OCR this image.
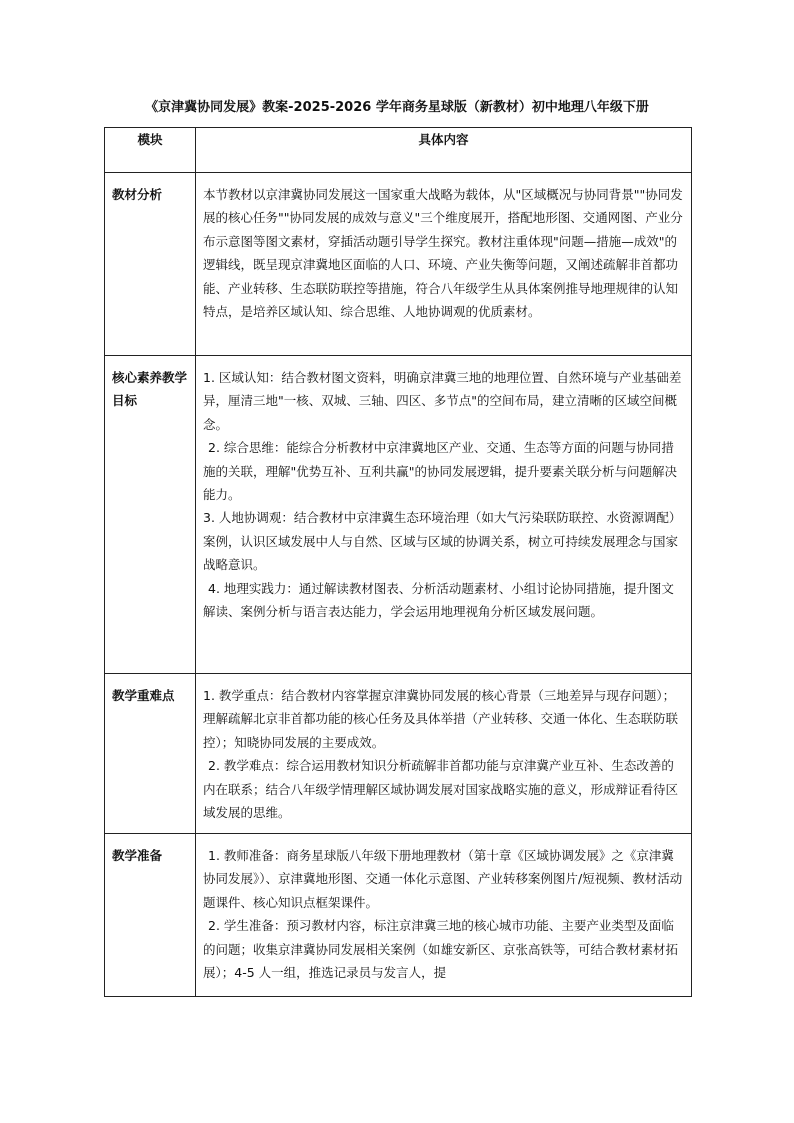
《京津冀协同发展》教案-2025-2026 学年商务星球版（新教材）初中地理八年级下册
模块	具体内容
教材分析	本节教材以京津冀协同发展这一国家重大战略为载体，从"区域概况与协同背景""协同发展的核心任务""协同发展的成效与意义"三个维度展开，搭配地形图、交通网图、产业分布示意图等图文素材，穿插活动题引导学生探究。教材注重体现"问题—措施—成效"的逻辑线，既呈现京津冀地区面临的人口、环境、产业失衡等问题，又阐述疏解非首都功能、产业转移、生态联防联控等措施，符合八年级学生从具体案例推导地理规律的认知特点，是培养区域认知、综合思维、人地协调观的优质素材。

核心素养教学目标	1. 区域认知：结合教材图文资料，明确京津冀三地的地理位置、自然环境与产业基础差异，厘清三地"一核、双城、三轴、四区、多节点"的空间布局，建立清晰的区域空间概念。

2. 综合思维：能综合分析教材中京津冀地区产业、交通、生态等方面的问题与协同措施的关联，理解"优势互补、互利共赢"的协同发展逻辑，提升要素关联分析与问题解决能力。

3. 人地协调观：结合教材中京津冀生态环境治理（如大气污染联防联控、水资源调配）案例，认识区域发展中人与自然、区域与区域的协调关系，树立可持续发展理念与国家战略意识。

4. 地理实践力：通过解读教材图表、分析活动题素材、小组讨论协同措施，提升图文解读、案例分析与语言表达能力，学会运用地理视角分析区域发展问题。

教学重难点	1. 教学重点：结合教材内容掌握京津冀协同发展的核心背景（三地差异与现存问题）；理解疏解北京非首都功能的核心任务及具体举措（产业转移、交通一体化、生态联防联控）；知晓协同发展的主要成效。

2. 教学难点：综合运用教材知识分析疏解非首都功能与京津冀产业互补、生态改善的内在联系；结合八年级学情理解区域协调发展对国家战略实施的意义，形成辩证看待区域发展的思维。

教学准备	1. 教师准备：商务星球版八年级下册地理教材（第十章《区域协调发展》之《京津冀协同发展》）、京津冀地形图、交通一体化示意图、产业转移案例图片/短视频、教材活动题课件、核心知识点框架课件。

2. 学生准备：预习教材内容，标注京津冀三地的核心城市功能、主要产业类型及面临的问题；收集京津冀协同发展相关案例（如雄安新区、京张高铁等，可结合教材素材拓展）；4-5 人一组，推选记录员与发言人，提
